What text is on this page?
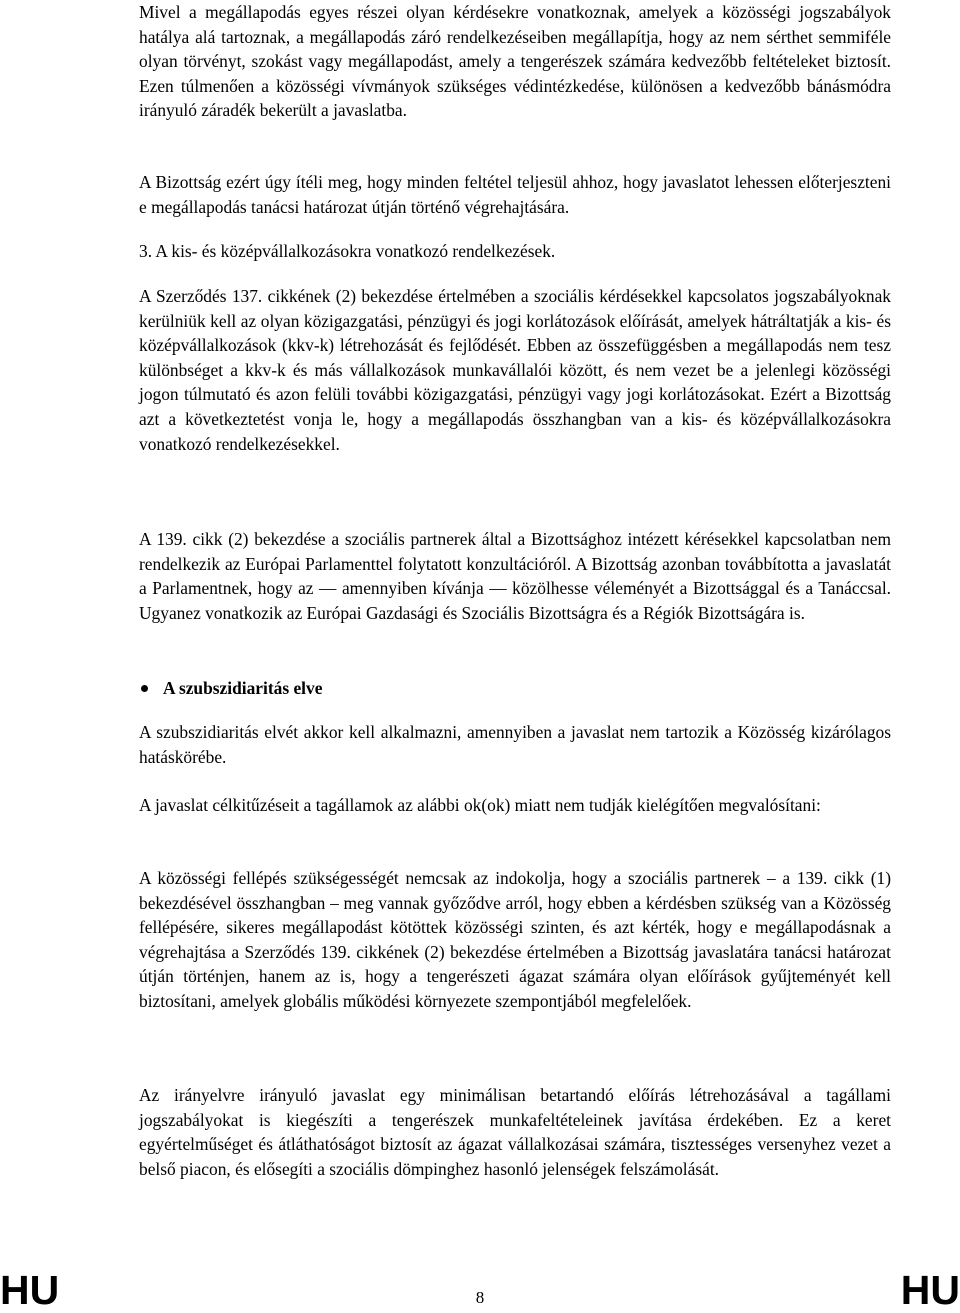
Mivel a megállapodás egyes részei olyan kérdésekre vonatkoznak, amelyek a közösségi jogszabályok hatálya alá tartoznak, a megállapodás záró rendelkezéseiben megállapítja, hogy az nem sérthet semmiféle olyan törvényt, szokást vagy megállapodást, amely a tengerészek számára kedvezőbb feltételeket biztosít. Ezen túlmenően a közösségi vívmányok szükséges védintézkedése, különösen a kedvezőbb bánásmódra irányuló záradék bekerült a javaslatba.

A Bizottság ezért úgy ítéli meg, hogy minden feltétel teljesül ahhoz, hogy javaslatot lehessen előterjeszteni e megállapodás tanácsi határozat útján történő végrehajtására.

3. A kis- és középvállalkozásokra vonatkozó rendelkezések.

A Szerződés 137. cikkének (2) bekezdése értelmében a szociális kérdésekkel kapcsolatos jogszabályoknak kerülniük kell az olyan közigazgatási, pénzügyi és jogi korlátozások előírását, amelyek hátráltatják a kis- és középvállalkozások (kkv-k) létrehozását és fejlődését. Ebben az összefüggésben a megállapodás nem tesz különbséget a kkv-k és más vállalkozások munkavállalói között, és nem vezet be a jelenlegi közösségi jogon túlmutató és azon felüli további közigazgatási, pénzügyi vagy jogi korlátozásokat. Ezért a Bizottság azt a következtetést vonja le, hogy a megállapodás összhangban van a kis- és középvállalkozásokra vonatkozó rendelkezésekkel.

A 139. cikk (2) bekezdése a szociális partnerek által a Bizottsághoz intézett kérésekkel kapcsolatban nem rendelkezik az Európai Parlamenttel folytatott konzultációról. A Bizottság azonban továbbította a javaslatát a Parlamentnek, hogy az — amennyiben kívánja — közölhesse véleményét a Bizottsággal és a Tanáccsal. Ugyanez vonatkozik az Európai Gazdasági és Szociális Bizottságra és a Régiók Bizottságára is.

A szubszidiaritás elve

A szubszidiaritás elvét akkor kell alkalmazni, amennyiben a javaslat nem tartozik a Közösség kizárólagos hatáskörébe.

A javaslat célkitűzéseit a tagállamok az alábbi ok(ok) miatt nem tudják kielégítően megvalósítani:

A közösségi fellépés szükségességét nemcsak az indokolja, hogy a szociális partnerek – a 139. cikk (1) bekezdésével összhangban – meg vannak győződve arról, hogy ebben a kérdésben szükség van a Közösség fellépésére, sikeres megállapodást kötöttek közösségi szinten, és azt kérték, hogy e megállapodásnak a végrehajtása a Szerződés 139. cikkének (2) bekezdése értelmében a Bizottság javaslatára tanácsi határozat útján történjen, hanem az is, hogy a tengerészeti ágazat számára olyan előírások gyűjteményét kell biztosítani, amelyek globális működési környezete szempontjából megfelelőek.

Az irányelvre irányuló javaslat egy minimálisan betartandó előírás létrehozásával a tagállami jogszabályokat is kiegészíti a tengerészek munkafeltételeinek javítása érdekében. Ez a keret egyértelműséget és átláthatóságot biztosít az ágazat vállalkozásai számára, tisztességes versenyhez vezet a belső piacon, és elősegíti a szociális dömpinghez hasonló jelenségek felszámolását.

HU	8	HU
